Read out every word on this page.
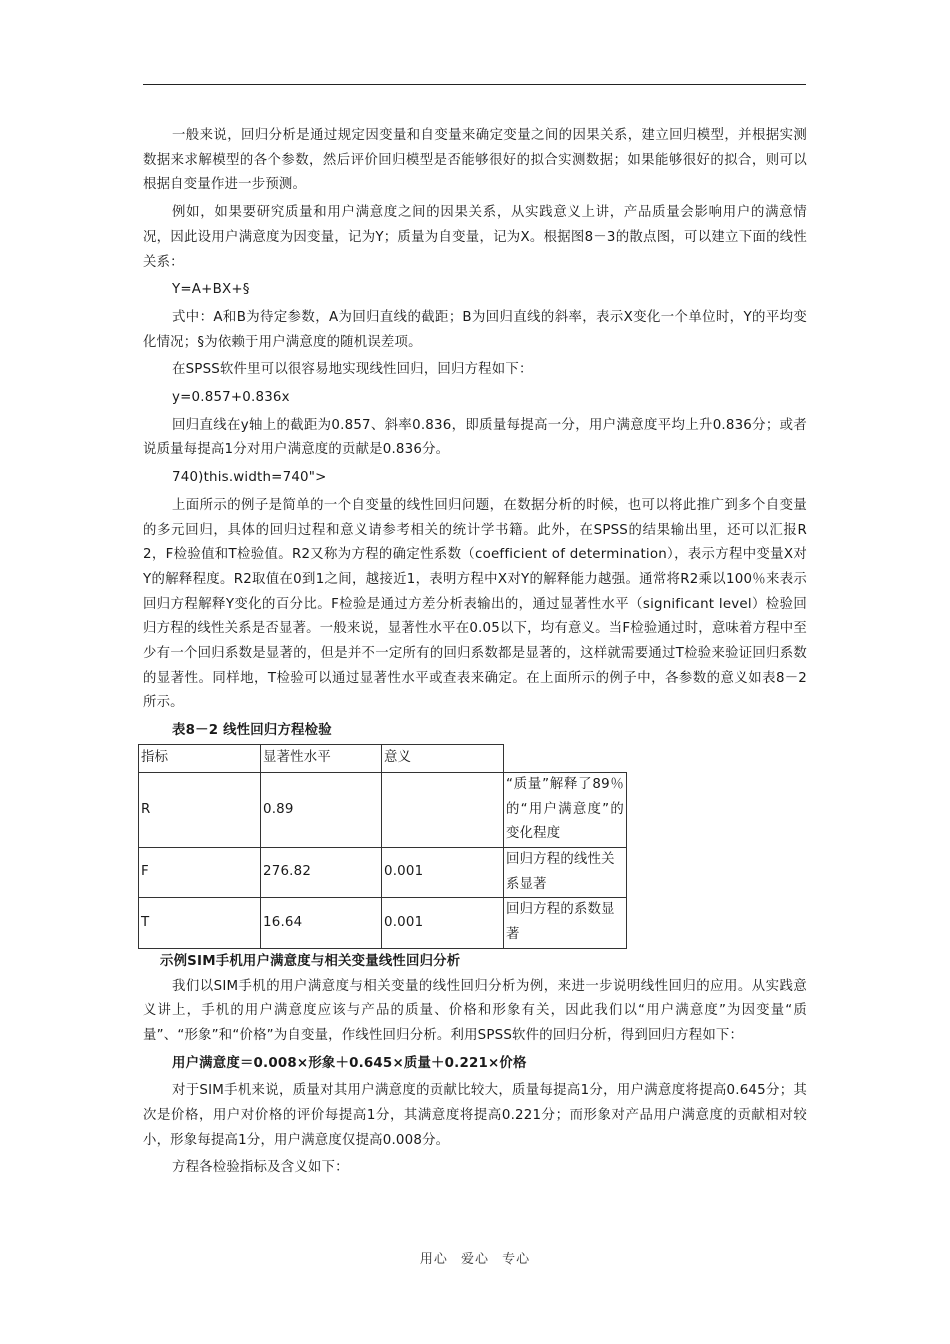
一般来说，回归分析是通过规定因变量和自变量来确定变量之间的因果关系，建立回归模型，并根据实测数据来求解模型的各个参数，然后评价回归模型是否能够很好的拟合实测数据；如果能够很好的拟合，则可以根据自变量作进一步预测。

例如，如果要研究质量和用户满意度之间的因果关系，从实践意义上讲，产品质量会影响用户的满意情况，因此设用户满意度为因变量，记为Y；质量为自变量，记为X。根据图8－3的散点图，可以建立下面的线性关系：

Y=A+BX+§

式中：A和B为待定参数，A为回归直线的截距；B为回归直线的斜率，表示X变化一个单位时，Y的平均变化情况；§为依赖于用户满意度的随机误差项。

在SPSS软件里可以很容易地实现线性回归，回归方程如下：

y=0.857+0.836x

回归直线在y轴上的截距为0.857、斜率0.836，即质量每提高一分，用户满意度平均上升0.836分；或者说质量每提高1分对用户满意度的贡献是0.836分。

740)this.width=740">

上面所示的例子是简单的一个自变量的线性回归问题，在数据分析的时候，也可以将此推广到多个自变量的多元回归，具体的回归过程和意义请参考相关的统计学书籍。此外，在SPSS的结果输出里，还可以汇报R2，F检验值和T检验值。R2又称为方程的确定性系数（coefficient of determination），表示方程中变量X对Y的解释程度。R2取值在0到1之间，越接近1，表明方程中X对Y的解释能力越强。通常将R2乘以100％来表示回归方程解释Y变化的百分比。F检验是通过方差分析表输出的，通过显著性水平（significant level）检验回归方程的线性关系是否显著。一般来说，显著性水平在0.05以下，均有意义。当F检验通过时，意味着方程中至少有一个回归系数是显著的，但是并不一定所有的回归系数都是显著的，这样就需要通过T检验来验证回归系数的显著性。同样地，T检验可以通过显著性水平或查表来确定。在上面所示的例子中，各参数的意义如表8－2所示。

表8－2 线性回归方程检验

指标	显著性水平	意义	
R	0.89		“质量”解释了89％的“用户满意度”的变化程度
F	276.82	0.001	回归方程的线性关系显著
T	16.64	0.001	回归方程的系数显著

示例SIM手机用户满意度与相关变量线性回归分析

我们以SIM手机的用户满意度与相关变量的线性回归分析为例，来进一步说明线性回归的应用。从实践意义讲上，手机的用户满意度应该与产品的质量、价格和形象有关，因此我们以“用户满意度”为因变量“质量”、“形象”和“价格”为自变量，作线性回归分析。利用SPSS软件的回归分析，得到回归方程如下：

用户满意度＝0.008×形象＋0.645×质量＋0.221×价格

对于SIM手机来说，质量对其用户满意度的贡献比较大，质量每提高1分，用户满意度将提高0.645分；其次是价格，用户对价格的评价每提高1分，其满意度将提高0.221分；而形象对产品用户满意度的贡献相对较小，形象每提高1分，用户满意度仅提高0.008分。

方程各检验指标及含义如下：

用心 爱心 专心
